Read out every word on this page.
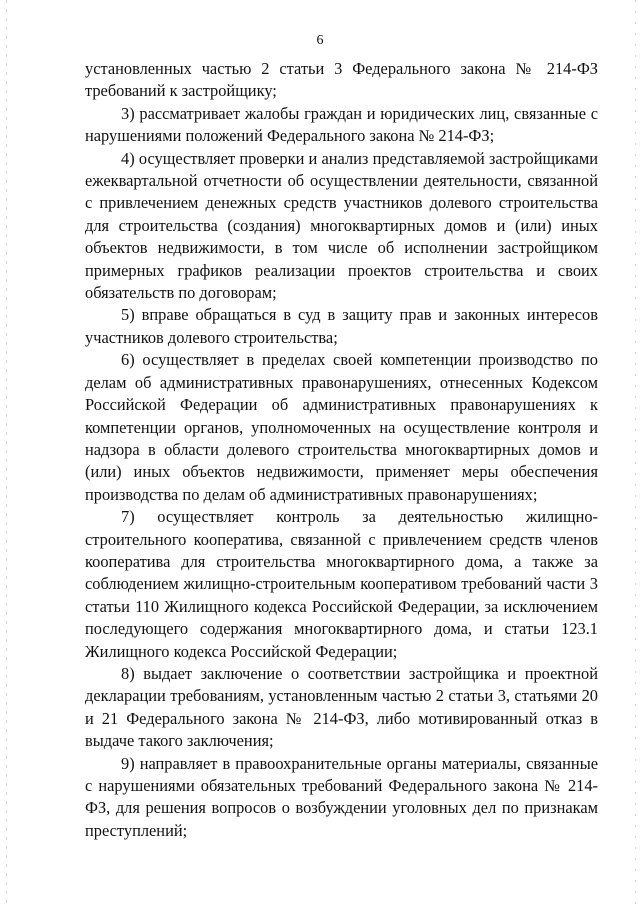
6

установленных частью 2 статьи 3 Федерального закона № 214-ФЗ требований к застройщику;

3) рассматривает жалобы граждан и юридических лиц, связанные с нарушениями положений Федерального закона № 214-ФЗ;

4) осуществляет проверки и анализ представляемой застройщиками ежеквартальной отчетности об осуществлении деятельности, связанной с привлечением денежных средств участников долевого строительства для строительства (создания) многоквартирных домов и (или) иных объектов недвижимости, в том числе об исполнении застройщиком примерных графиков реализации проектов строительства и своих обязательств по договорам;

5) вправе обращаться в суд в защиту прав и законных интересов участников долевого строительства;

6) осуществляет в пределах своей компетенции производство по делам об административных правонарушениях, отнесенных Кодексом Российской Федерации об административных правонарушениях к компетенции органов, уполномоченных на осуществление контроля и надзора в области долевого строительства многоквартирных домов и (или) иных объектов недвижимости, применяет меры обеспечения производства по делам об административных правонарушениях;

7) осуществляет контроль за деятельностью жилищно-строительного кооператива, связанной с привлечением средств членов кооператива для строительства многоквартирного дома, а также за соблюдением жилищно-строительным кооперативом требований части 3 статьи 110 Жилищного кодекса Российской Федерации, за исключением последующего содержания многоквартирного дома, и статьи 123.1 Жилищного кодекса Российской Федерации;

8) выдает заключение о соответствии застройщика и проектной декларации требованиям, установленным частью 2 статьи 3, статьями 20 и 21 Федерального закона № 214-ФЗ, либо мотивированный отказ в выдаче такого заключения;

9) направляет в правоохранительные органы материалы, связанные с нарушениями обязательных требований Федерального закона № 214-ФЗ, для решения вопросов о возбуждении уголовных дел по признакам преступлений;
